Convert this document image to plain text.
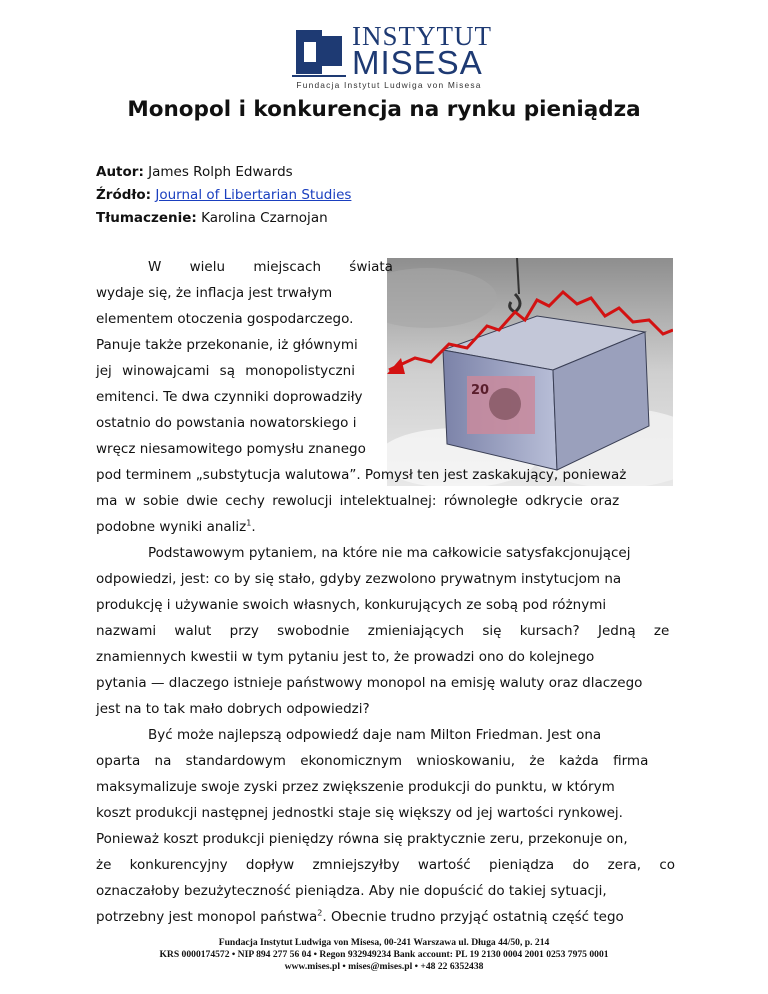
INSTYTUT
MISESA
Fundacja Instytut Ludwiga von Misesa
Monopol i konkurencja na rynku pieniądza
Autor: James Rolph Edwards
Źródło: Journal of Libertarian Studies
Tłumaczenie: Karolina Czarnojan
20
W wielu miejscach świata
wydaje się, że inflacja jest trwałym
elementem otoczenia gospodarczego.
Panuje także przekonanie, iż głównymi
jej winowajcami są monopolistyczni
emitenci. Te dwa czynniki doprowadziły
ostatnio do powstania nowatorskiego i
wręcz niesamowitego pomysłu znanego
pod terminem „substytucja walutowa”. Pomysł ten jest zaskakujący, ponieważ
ma w sobie dwie cechy rewolucji intelektualnej: równoległe odkrycie oraz
podobne wyniki analiz$^1$.
Podstawowym pytaniem, na które nie ma całkowicie satysfakcjonującej
odpowiedzi, jest: co by się stało, gdyby zezwolono prywatnym instytucjom na
produkcję i używanie swoich własnych, konkurujących ze sobą pod różnymi
nazwami walut przy swobodnie zmieniających się kursach? Jedną ze
znamiennych kwestii w tym pytaniu jest to, że prowadzi ono do kolejnego
pytania — dlaczego istnieje państwowy monopol na emisję waluty oraz dlaczego
jest na to tak mało dobrych odpowiedzi?
Być może najlepszą odpowiedź daje nam Milton Friedman. Jest ona
oparta na standardowym ekonomicznym wnioskowaniu, że każda firma
maksymalizuje swoje zyski przez zwiększenie produkcji do punktu, w którym
koszt produkcji następnej jednostki staje się większy od jej wartości rynkowej.
Ponieważ koszt produkcji pieniędzy równa się praktycznie zeru, przekonuje on,
że konkurencyjny dopływ zmniejszyłby wartość pieniądza do zera, co
oznaczałoby bezużyteczność pieniądza. Aby nie dopuścić do takiej sytuacji,
potrzebny jest monopol państwa$^2$. Obecnie trudno przyjąć ostatnią część tego
Fundacja Instytut Ludwiga von Misesa, 00-241 Warszawa ul. Długa 44/50, p. 214
KRS 0000174572 • NIP 894 277 56 04 • Regon 932949234 Bank account: PL 19 2130 0004 2001 0253 7975 0001
www.mises.pl • mises@mises.pl • +48 22 6352438
